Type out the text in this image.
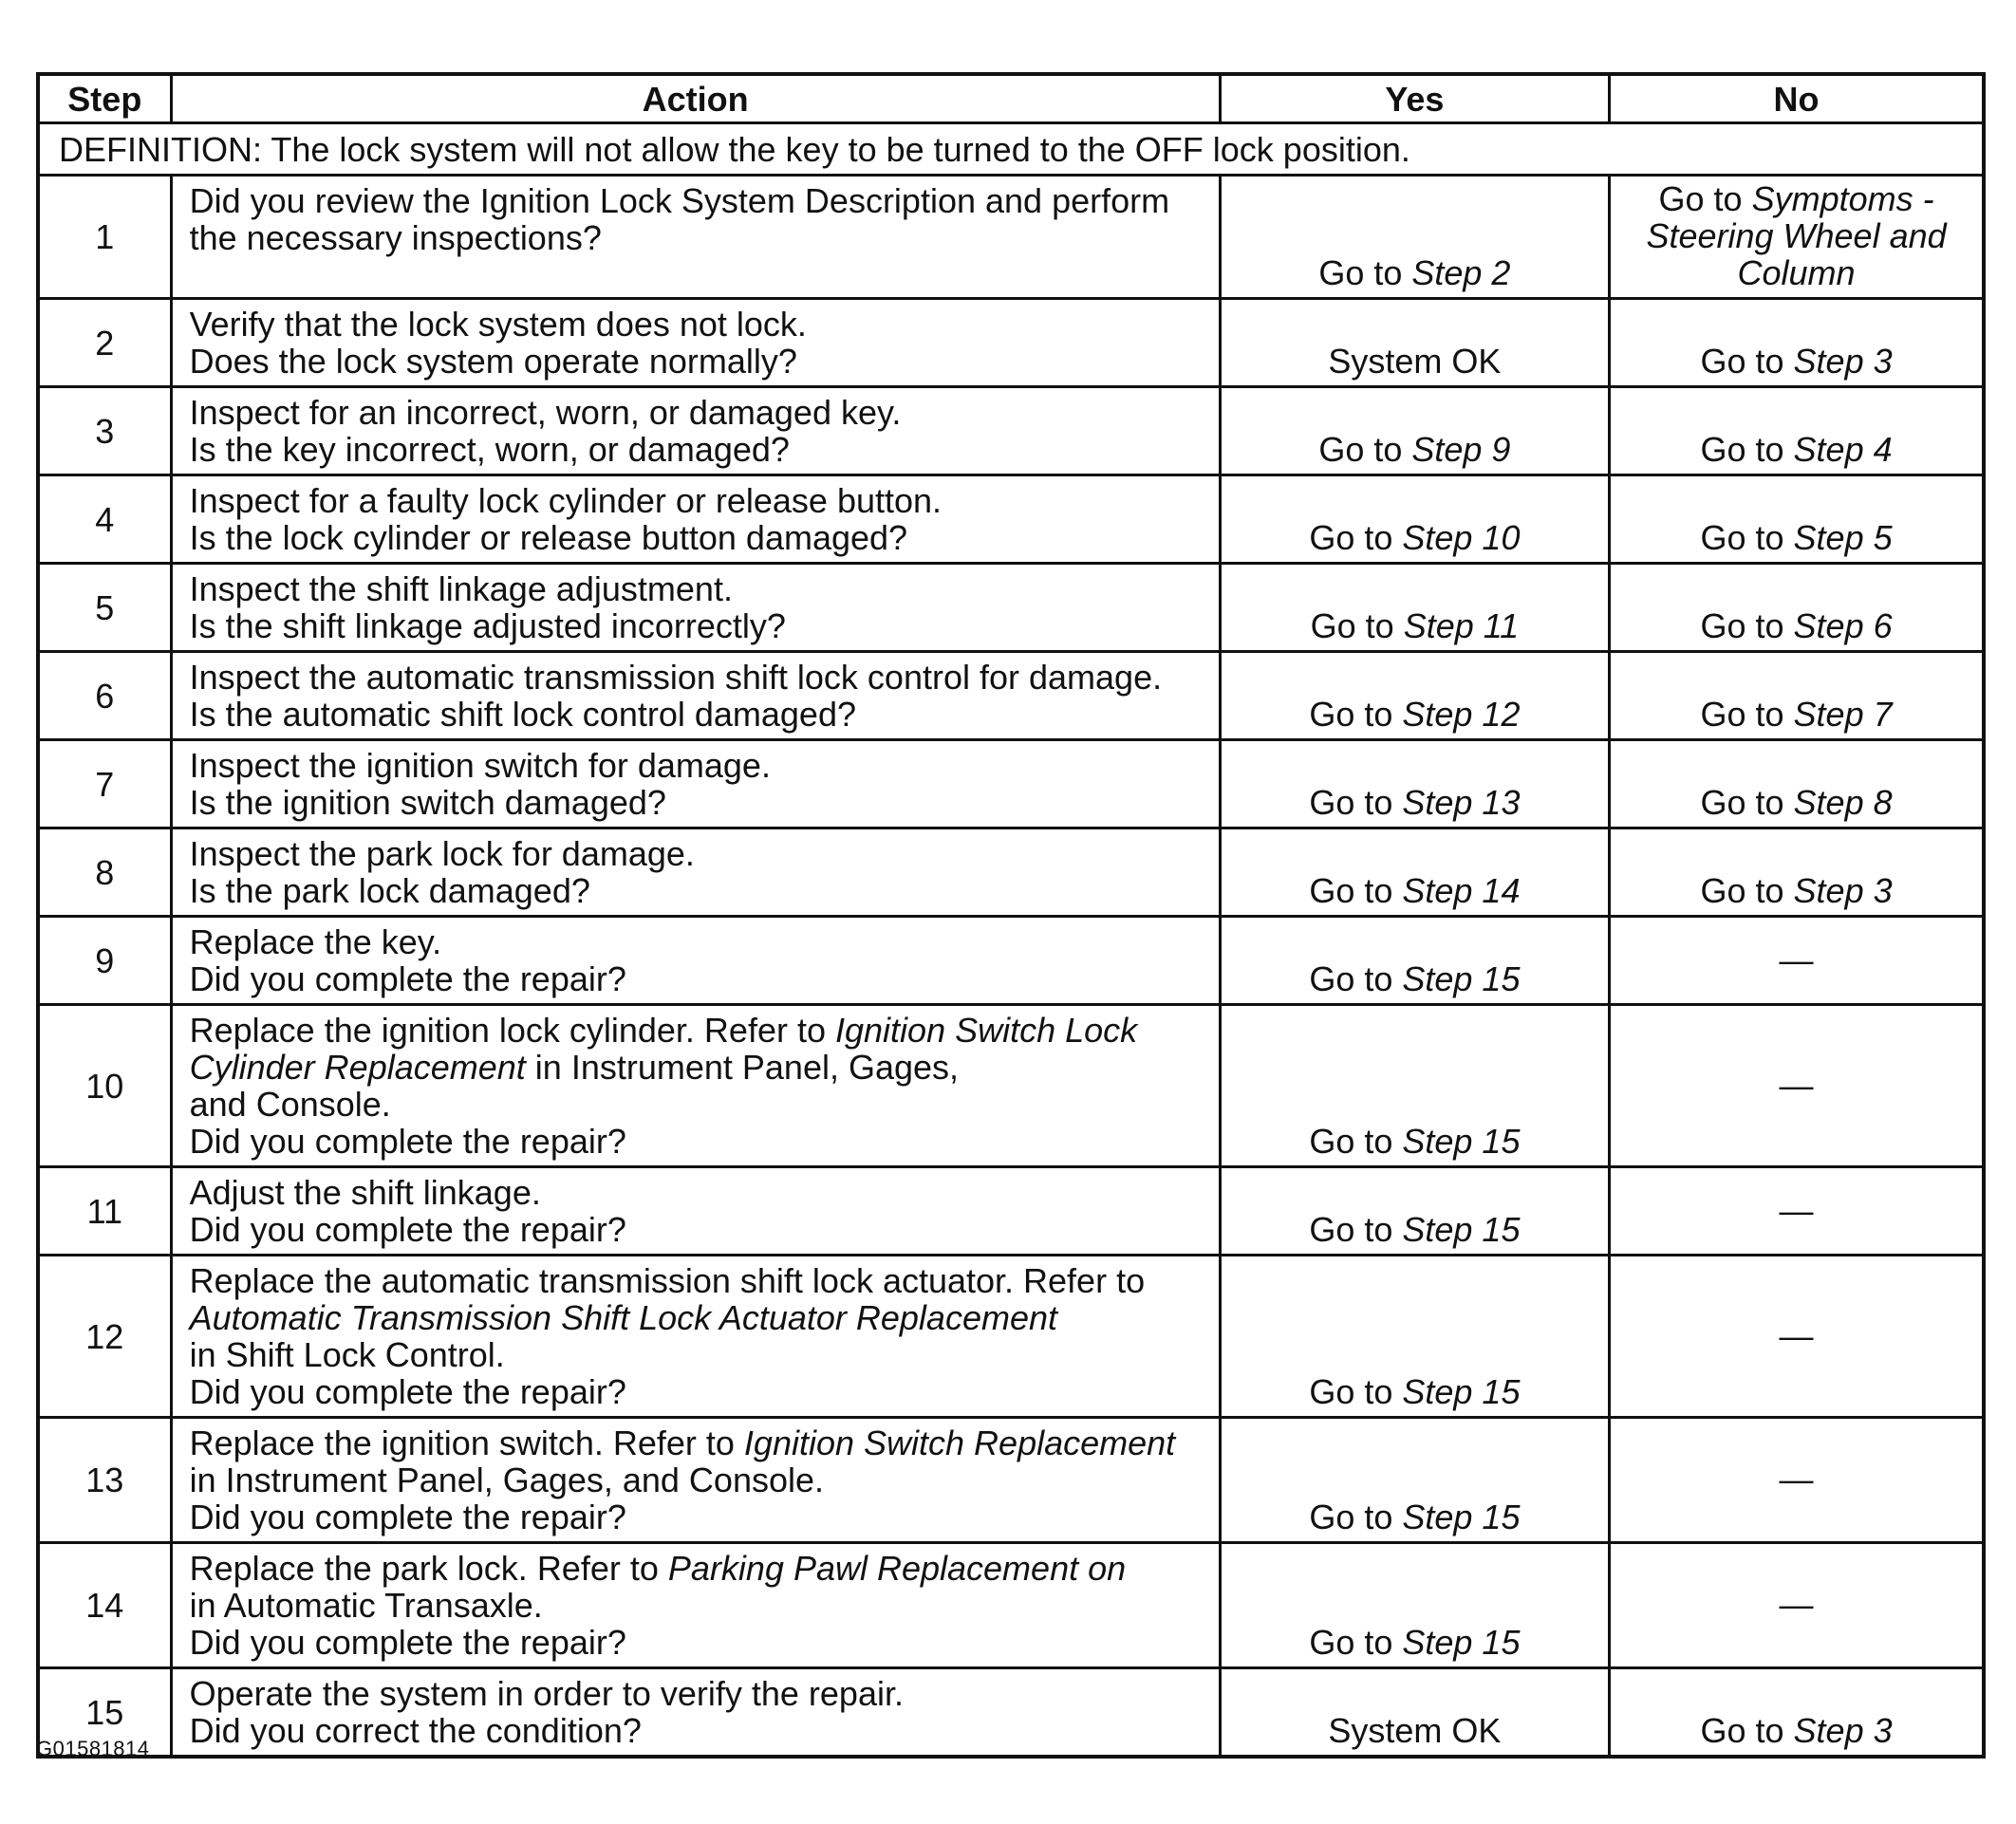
Step	Action	Yes	No
DEFINITION: The lock system will not allow the key to be turned to the OFF lock position.			
1	Did you review the Ignition Lock System Description and perform
the necessary inspections?	Go to Step 2	Go to Symptoms -
Steering Wheel and
Column

2	Verify that the lock system does not lock.
Does the lock system operate normally?	System OK	Go to Step 3

3	Inspect for an incorrect, worn, or damaged key.
Is the key incorrect, worn, or damaged?	Go to Step 9	Go to Step 4

4	Inspect for a faulty lock cylinder or release button.
Is the lock cylinder or release button damaged?	Go to Step 10	Go to Step 5

5	Inspect the shift linkage adjustment.
Is the shift linkage adjusted incorrectly?	Go to Step 11	Go to Step 6

6	Inspect the automatic transmission shift lock control for damage.
Is the automatic shift lock control damaged?	Go to Step 12	Go to Step 7

7	Inspect the ignition switch for damage.
Is the ignition switch damaged?	Go to Step 13	Go to Step 8

8	Inspect the park lock for damage.
Is the park lock damaged?	Go to Step 14	Go to Step 3

9	Replace the key.
Did you complete the repair?	Go to Step 15	—

10	Replace the ignition lock cylinder. Refer to Ignition Switch Lock
Cylinder Replacement in Instrument Panel, Gages,
and Console.
Did you complete the repair?	Go to Step 15	—

11	Adjust the shift linkage.
Did you complete the repair?	Go to Step 15	—

12	Replace the automatic transmission shift lock actuator. Refer to
Automatic Transmission Shift Lock Actuator Replacement
in Shift Lock Control.
Did you complete the repair?	Go to Step 15	—

13	Replace the ignition switch. Refer to Ignition Switch Replacement
in Instrument Panel, Gages, and Console.
Did you complete the repair?	Go to Step 15	—

14	Replace the park lock. Refer to Parking Pawl Replacement on
in Automatic Transaxle.
Did you complete the repair?	Go to Step 15	—

15	Operate the system in order to verify the repair.
Did you correct the condition?	System OK	Go to Step 3
G01581814
